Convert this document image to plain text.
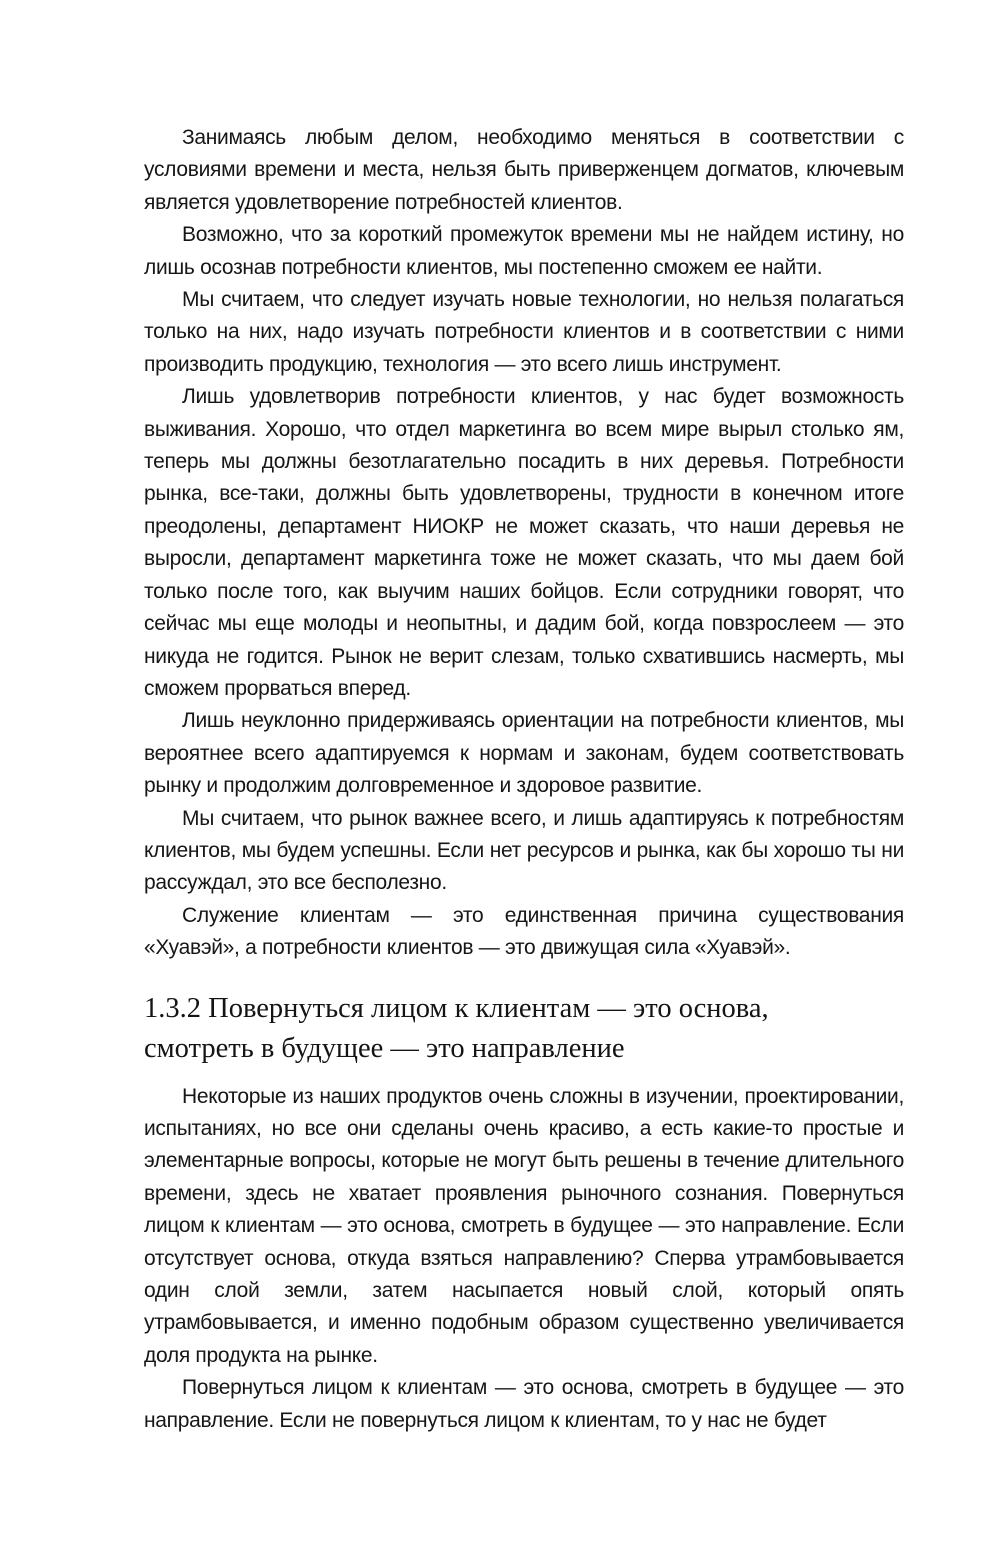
Занимаясь любым делом, необходимо меняться в соответствии с условиями времени и места, нельзя быть приверженцем догматов, ключевым является удовлетворение потребностей клиентов.

Возможно, что за короткий промежуток времени мы не найдем истину, но лишь осознав потребности клиентов, мы постепенно сможем ее найти.

Мы считаем, что следует изучать новые технологии, но нельзя полагаться только на них, надо изучать потребности клиентов и в соответствии с ними производить продукцию, технология — это всего лишь инструмент.

Лишь удовлетворив потребности клиентов, у нас будет возможность выживания. Хорошо, что отдел маркетинга во всем мире вырыл столько ям, теперь мы должны безотлагательно посадить в них деревья. Потребности рынка, все-таки, должны быть удовлетворены, трудности в конечном итоге преодолены, департамент НИОКР не может сказать, что наши деревья не выросли, департамент маркетинга тоже не может сказать, что мы даем бой только после того, как выучим наших бойцов. Если сотрудники говорят, что сейчас мы еще молоды и неопытны, и дадим бой, когда повзрослеем — это никуда не годится. Рынок не верит слезам, только схватившись насмерть, мы сможем прорваться вперед.

Лишь неуклонно придерживаясь ориентации на потребности клиентов, мы вероятнее всего адаптируемся к нормам и законам, будем соответствовать рынку и продолжим долговременное и здоровое развитие.

Мы считаем, что рынок важнее всего, и лишь адаптируясь к потребностям клиентов, мы будем успешны. Если нет ресурсов и рынка, как бы хорошо ты ни рассуждал, это все бесполезно.

Служение клиентам — это единственная причина существования «Хуавэй», а потребности клиентов — это движущая сила «Хуавэй».

1.3.2 Повернуться лицом к клиентам — это основа, смотреть в будущее — это направление

Некоторые из наших продуктов очень сложны в изучении, проектировании, испытаниях, но все они сделаны очень красиво, а есть какие-то простые и элементарные вопросы, которые не могут быть решены в течение длительного времени, здесь не хватает проявления рыночного сознания. Повернуться лицом к клиентам — это основа, смотреть в будущее — это направление. Если отсутствует основа, откуда взяться направлению? Сперва утрамбовывается один слой земли, затем насыпается новый слой, который опять утрамбовывается, и именно подобным образом существенно увеличивается доля продукта на рынке.

Повернуться лицом к клиентам — это основа, смотреть в будущее — это направление. Если не повернуться лицом к клиентам, то у нас не будет
